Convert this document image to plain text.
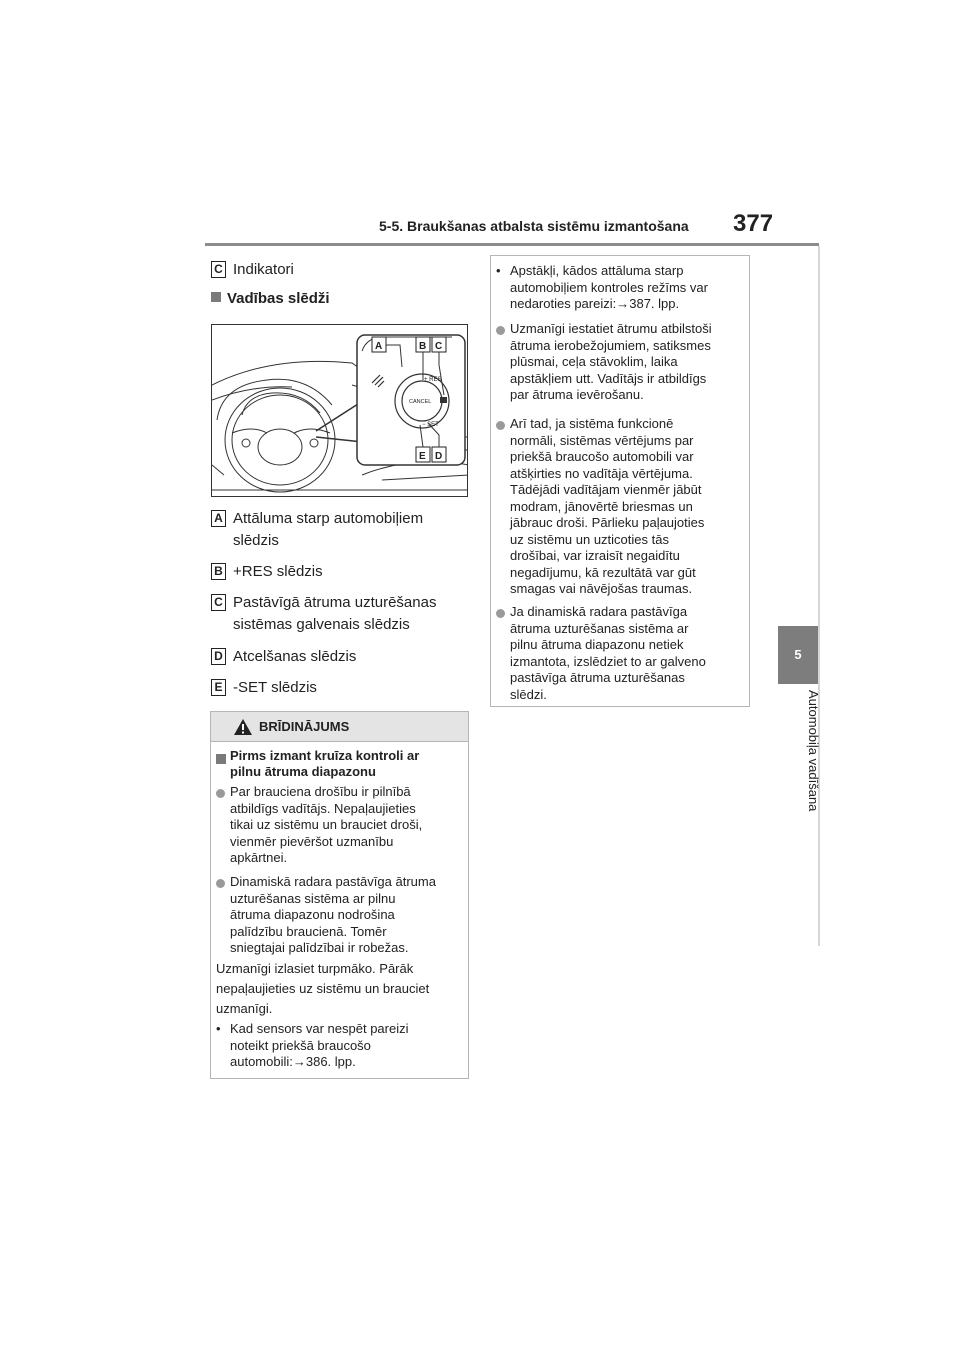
5-5. Braukšanas atbalsta sistēmu izmantošana 377
5
Automobiļa vadīšana
C Indikatori
Vadības slēdži
+ RES
CANCEL
− SET
A	B C
D
E
A Attāluma starp automobiļiem
slēdzis
B +RES slēdzis
C Pastāvīgā ātruma uzturēšanas
sistēmas galvenais slēdzis
D Atcelšanas slēdzis
E -SET slēdzis
BRĪDINĀJUMS
Pirms izmant kruīza kontroli ar
pilnu ātruma diapazonu
Par brauciena drošību ir pilnībā
atbildīgs vadītājs. Nepaļaujieties
tikai uz sistēmu un brauciet droši,
vienmēr pievēršot uzmanību
apkārtnei.
Dinamiskā radara pastāvīga ātruma
uzturēšanas sistēma ar pilnu
ātruma diapazonu nodrošina
palīdzību braucienā. Tomēr
sniegtajai palīdzībai ir robežas.
Uzmanīgi izlasiet turpmāko. Pārāk
nepaļaujieties uz sistēmu un brauciet
uzmanīgi.
• Kad sensors var nespēt pareizi
noteikt priekšā braucošo
automobili:→386. lpp.
• Apstākļi, kādos attāluma starp
automobiļiem kontroles režīms var
nedaroties pareizi:→387. lpp.
Uzmanīgi iestatiet ātrumu atbilstoši
ātruma ierobežojumiem, satiksmes
plūsmai, ceļa stāvoklim, laika
apstākļiem utt. Vadītājs ir atbildīgs
par ātruma ievērošanu.
Arī tad, ja sistēma funkcionē
normāli, sistēmas vērtējums par
priekšā braucošo automobili var
atšķirties no vadītāja vērtējuma.
Tādējādi vadītājam vienmēr jābūt
modram, jānovērtē briesmas un
jābrauc droši. Pārlieku paļaujoties
uz sistēmu un uzticoties tās
drošībai, var izraisīt negaidītu
negadījumu, kā rezultātā var gūt
smagas vai nāvējošas traumas.
Ja dinamiskā radara pastāvīga
ātruma uzturēšanas sistēma ar
pilnu ātruma diapazonu netiek
izmantota, izslēdziet to ar galveno
pastāvīga ātruma uzturēšanas
slēdzi.
